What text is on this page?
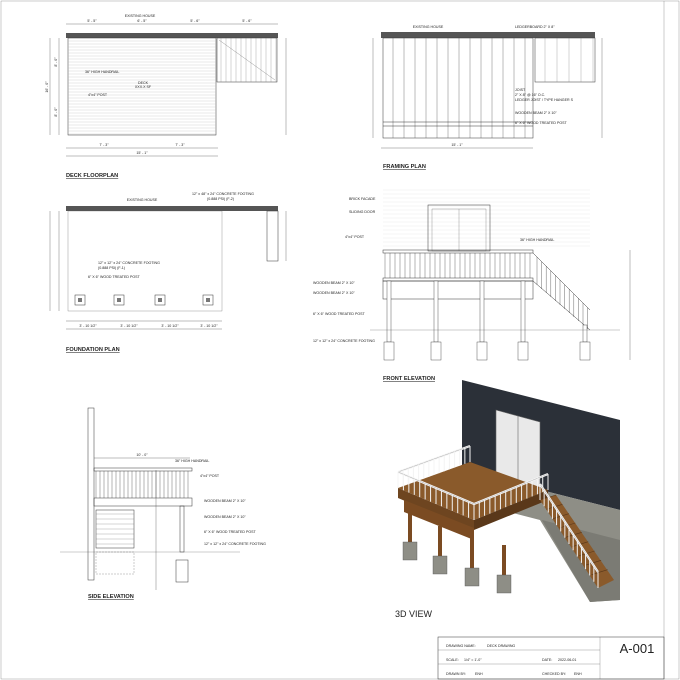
EXISTING HOUSE
36" HIGH HANDRAIL
DECK
XXX.X SF
4"x4" POST
5' - 5"	6' - 5"	5' - 6"	5' - 6"
7' - 3"	7' - 3"
15' - 1"
8' - 0"
8' - 0"
16' - 0"
DECK FLOORPLAN
EXISTING HOUSE	LEDGERBOARD 2" X 8"
JOIST
2" X 8" @ 16" O.C.
LEDGER JOIST / TYPE HANGER S
WOODEN BEAM 2" X 10"
6" X 6" WOOD TREATED POST
15' - 1"
FRAMING PLAN
EXISTING HOUSE
12" x 48" x 24" CONCRETE FOOTING
(0.888 PSI) (F-2)
12" x 12" x 24" CONCRETE FOOTING
(0.888 PSI) (F-1)
6" X 6" WOOD TREATED POST
3' - 10 1/2"	3' - 10 1/2"	3' - 10 1/2"	3' - 10 1/2"
FOUNDATION PLAN
BRICK FACADE
SLIDING DOOR
4"x4" POST
36" HIGH HANDRAIL
WOODEN BEAM 2" X 10"
WOODEN BEAM 2" X 10"
6" X 6" WOOD TREATED POST
12" x 12" x 24" CONCRETE FOOTING
FRONT ELEVATION
10' - 0"
36" HIGH HANDRAIL
4"x4" POST
WOODEN BEAM 2" X 10"
WOODEN BEAM 2" X 10"
6" X 6" WOOD TREATED POST
12" x 12" x 24" CONCRETE FOOTING
SIDE ELEVATION
3D VIEW
DRAWING NAME:	DECK DRAWING
SCALE: 1/4" = 1'-0"	DATE: 2022-06-01
DRAWN BY: ENH	CHECKED BY: ENH
A-001
